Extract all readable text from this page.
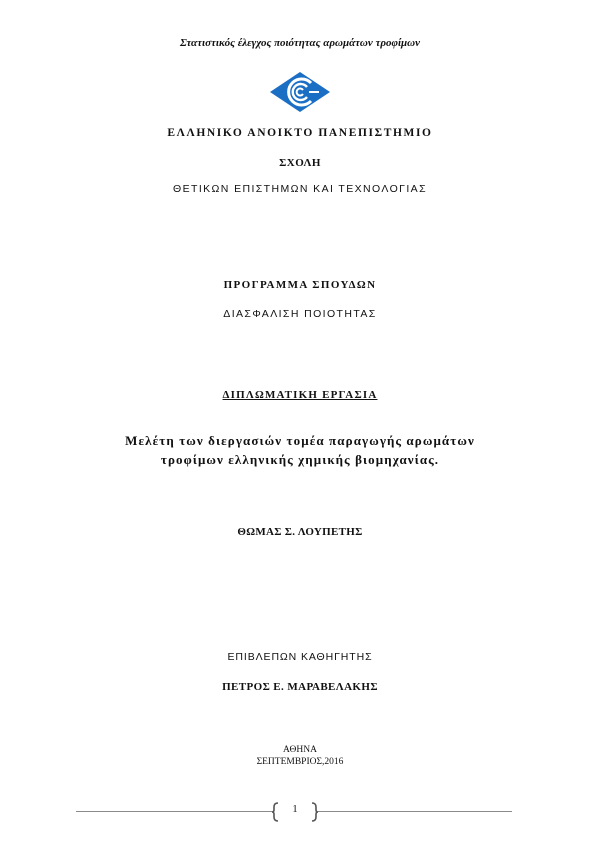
Στατιστικός έλεγχος ποιότητας αρωμάτων τροφίμων
ΕΛΛΗΝΙΚΟ ΑΝΟΙΚΤΟ ΠΑΝΕΠΙΣΤΗΜΙΟ
ΣΧΟΛΗ
ΘΕΤΙΚΩΝ ΕΠΙΣΤΗΜΩΝ ΚΑΙ ΤΕΧΝΟΛΟΓΙΑΣ
ΠΡΟΓΡΑΜΜΑ ΣΠΟΥΔΩΝ
ΔΙΑΣΦΑΛΙΣΗ ΠΟΙΟΤΗΤΑΣ
ΔΙΠΛΩΜΑΤΙΚΗ ΕΡΓΑΣΙΑ
Μελέτη των διεργασιών τομέα παραγωγής αρωμάτων
τροφίμων ελληνικής χημικής βιομηχανίας.
ΘΩΜΑΣ Σ. ΛΟΥΠΕΤΗΣ
ΕΠΙΒΛΕΠΩΝ ΚΑΘΗΓΗΤΗΣ
ΠΕΤΡΟΣ Ε. ΜΑΡΑΒΕΛΑΚΗΣ
ΑΘΗΝΑ
ΣΕΠΤΕΜΒΡΙΟΣ,2016
1
